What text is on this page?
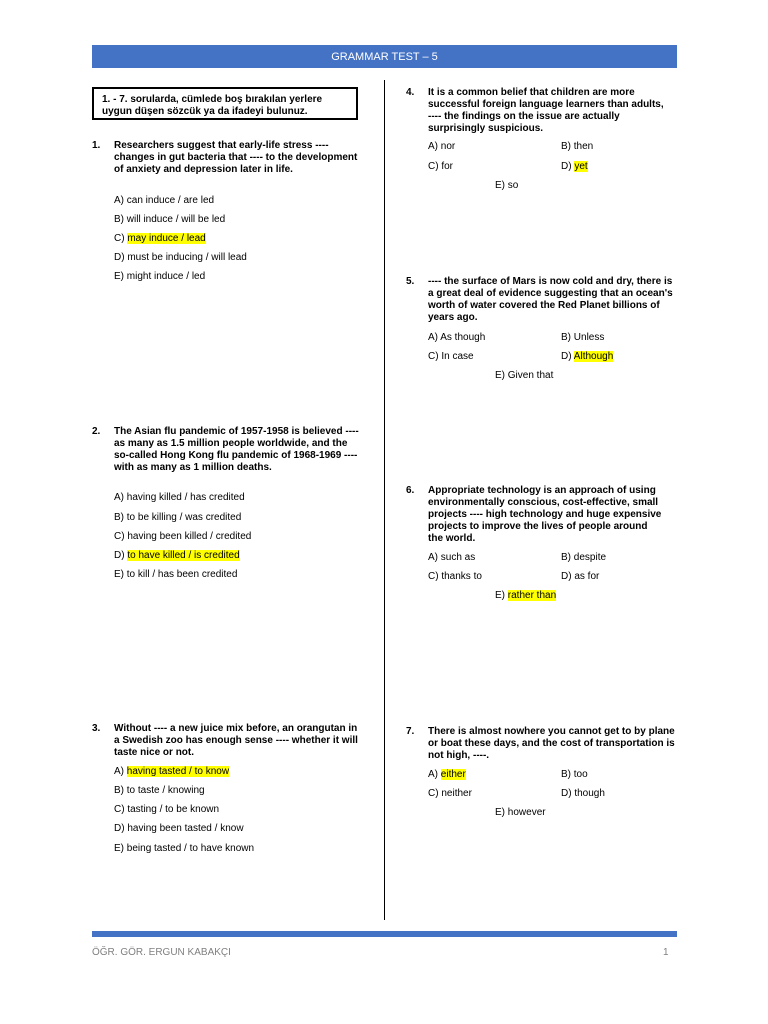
GRAMMAR TEST – 5
1. - 7. sorularda, cümlede boş bırakılan yerlere uygun düşen sözcük ya da ifadeyi bulunuz.
1. Researchers suggest that early-life stress ---- changes in gut bacteria that ---- to the development of anxiety and depression later in life.
A) can induce / are led
B) will induce / will be led
C) may induce / lead
D) must be inducing / will lead
E) might induce / led
2. The Asian flu pandemic of 1957-1958 is believed ---- as many as 1.5 million people worldwide, and the so-called Hong Kong flu pandemic of 1968-1969 ---- with as many as 1 million deaths.
A) having killed / has credited
B) to be killing / was credited
C) having been killed / credited
D) to have killed / is credited
E) to kill / has been credited
3. Without ---- a new juice mix before, an orangutan in a Swedish zoo has enough sense ---- whether it will taste nice or not.
A) having tasted / to know
B) to taste / knowing
C) tasting / to be known
D) having been tasted / know
E) being tasted / to have known
4. It is a common belief that children are more successful foreign language learners than adults, ---- the findings on the issue are actually surprisingly suspicious.
A) nor	B) then
C) for	D) yet
E) so
5. ---- the surface of Mars is now cold and dry, there is a great deal of evidence suggesting that an ocean's worth of water covered the Red Planet billions of years ago.
A) As though	B) Unless
C) In case	D) Although
E) Given that
6. Appropriate technology is an approach of using environmentally conscious, cost-effective, small projects ---- high technology and huge expensive projects to improve the lives of people around the world.
A) such as	B) despite
C) thanks to	D) as for
E) rather than
7. There is almost nowhere you cannot get to by plane or boat these days, and the cost of transportation is not high, ----.
A) either	B) too
C) neither	D) though
E) however
ÖĞR. GÖR. ERGUN KABAKÇI	1
